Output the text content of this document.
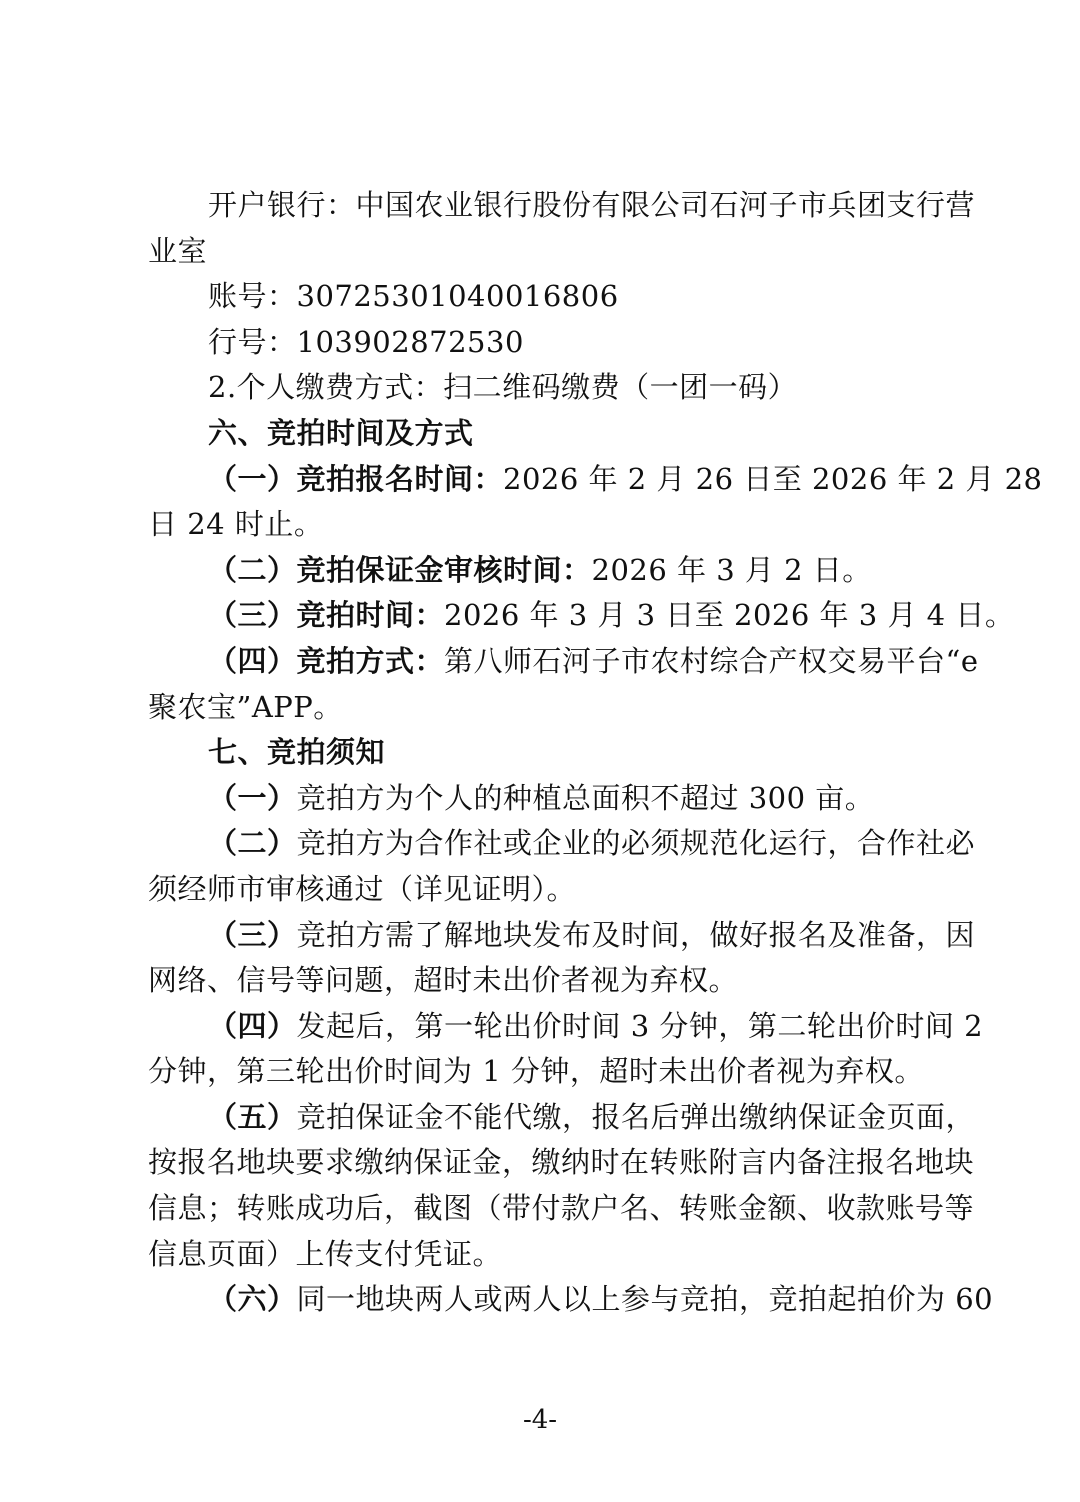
开户银行：中国农业银行股份有限公司石河子市兵团支行营
业室
账号：30725301040016806
行号：103902872530
2.个人缴费方式：扫二维码缴费（一团一码）
六、竞拍时间及方式
（一）竞拍报名时间：2026 年 2 月 26 日至 2026 年 2 月 28
日 24 时止。
（二）竞拍保证金审核时间：2026 年 3 月 2 日。
（三）竞拍时间：2026 年 3 月 3 日至 2026 年 3 月 4 日。
（四）竞拍方式：第八师石河子市农村综合产权交易平台“e
聚农宝”APP。
七、竞拍须知
（一）竞拍方为个人的种植总面积不超过 300 亩。
（二）竞拍方为合作社或企业的必须规范化运行，合作社必
须经师市审核通过（详见证明）。
（三）竞拍方需了解地块发布及时间，做好报名及准备，因
网络、信号等问题，超时未出价者视为弃权。
（四）发起后，第一轮出价时间 3 分钟，第二轮出价时间 2
分钟，第三轮出价时间为 1 分钟，超时未出价者视为弃权。
（五）竞拍保证金不能代缴，报名后弹出缴纳保证金页面，
按报名地块要求缴纳保证金，缴纳时在转账附言内备注报名地块
信息；转账成功后，截图（带付款户名、转账金额、收款账号等
信息页面）上传支付凭证。
（六）同一地块两人或两人以上参与竞拍，竞拍起拍价为 60
-4-
